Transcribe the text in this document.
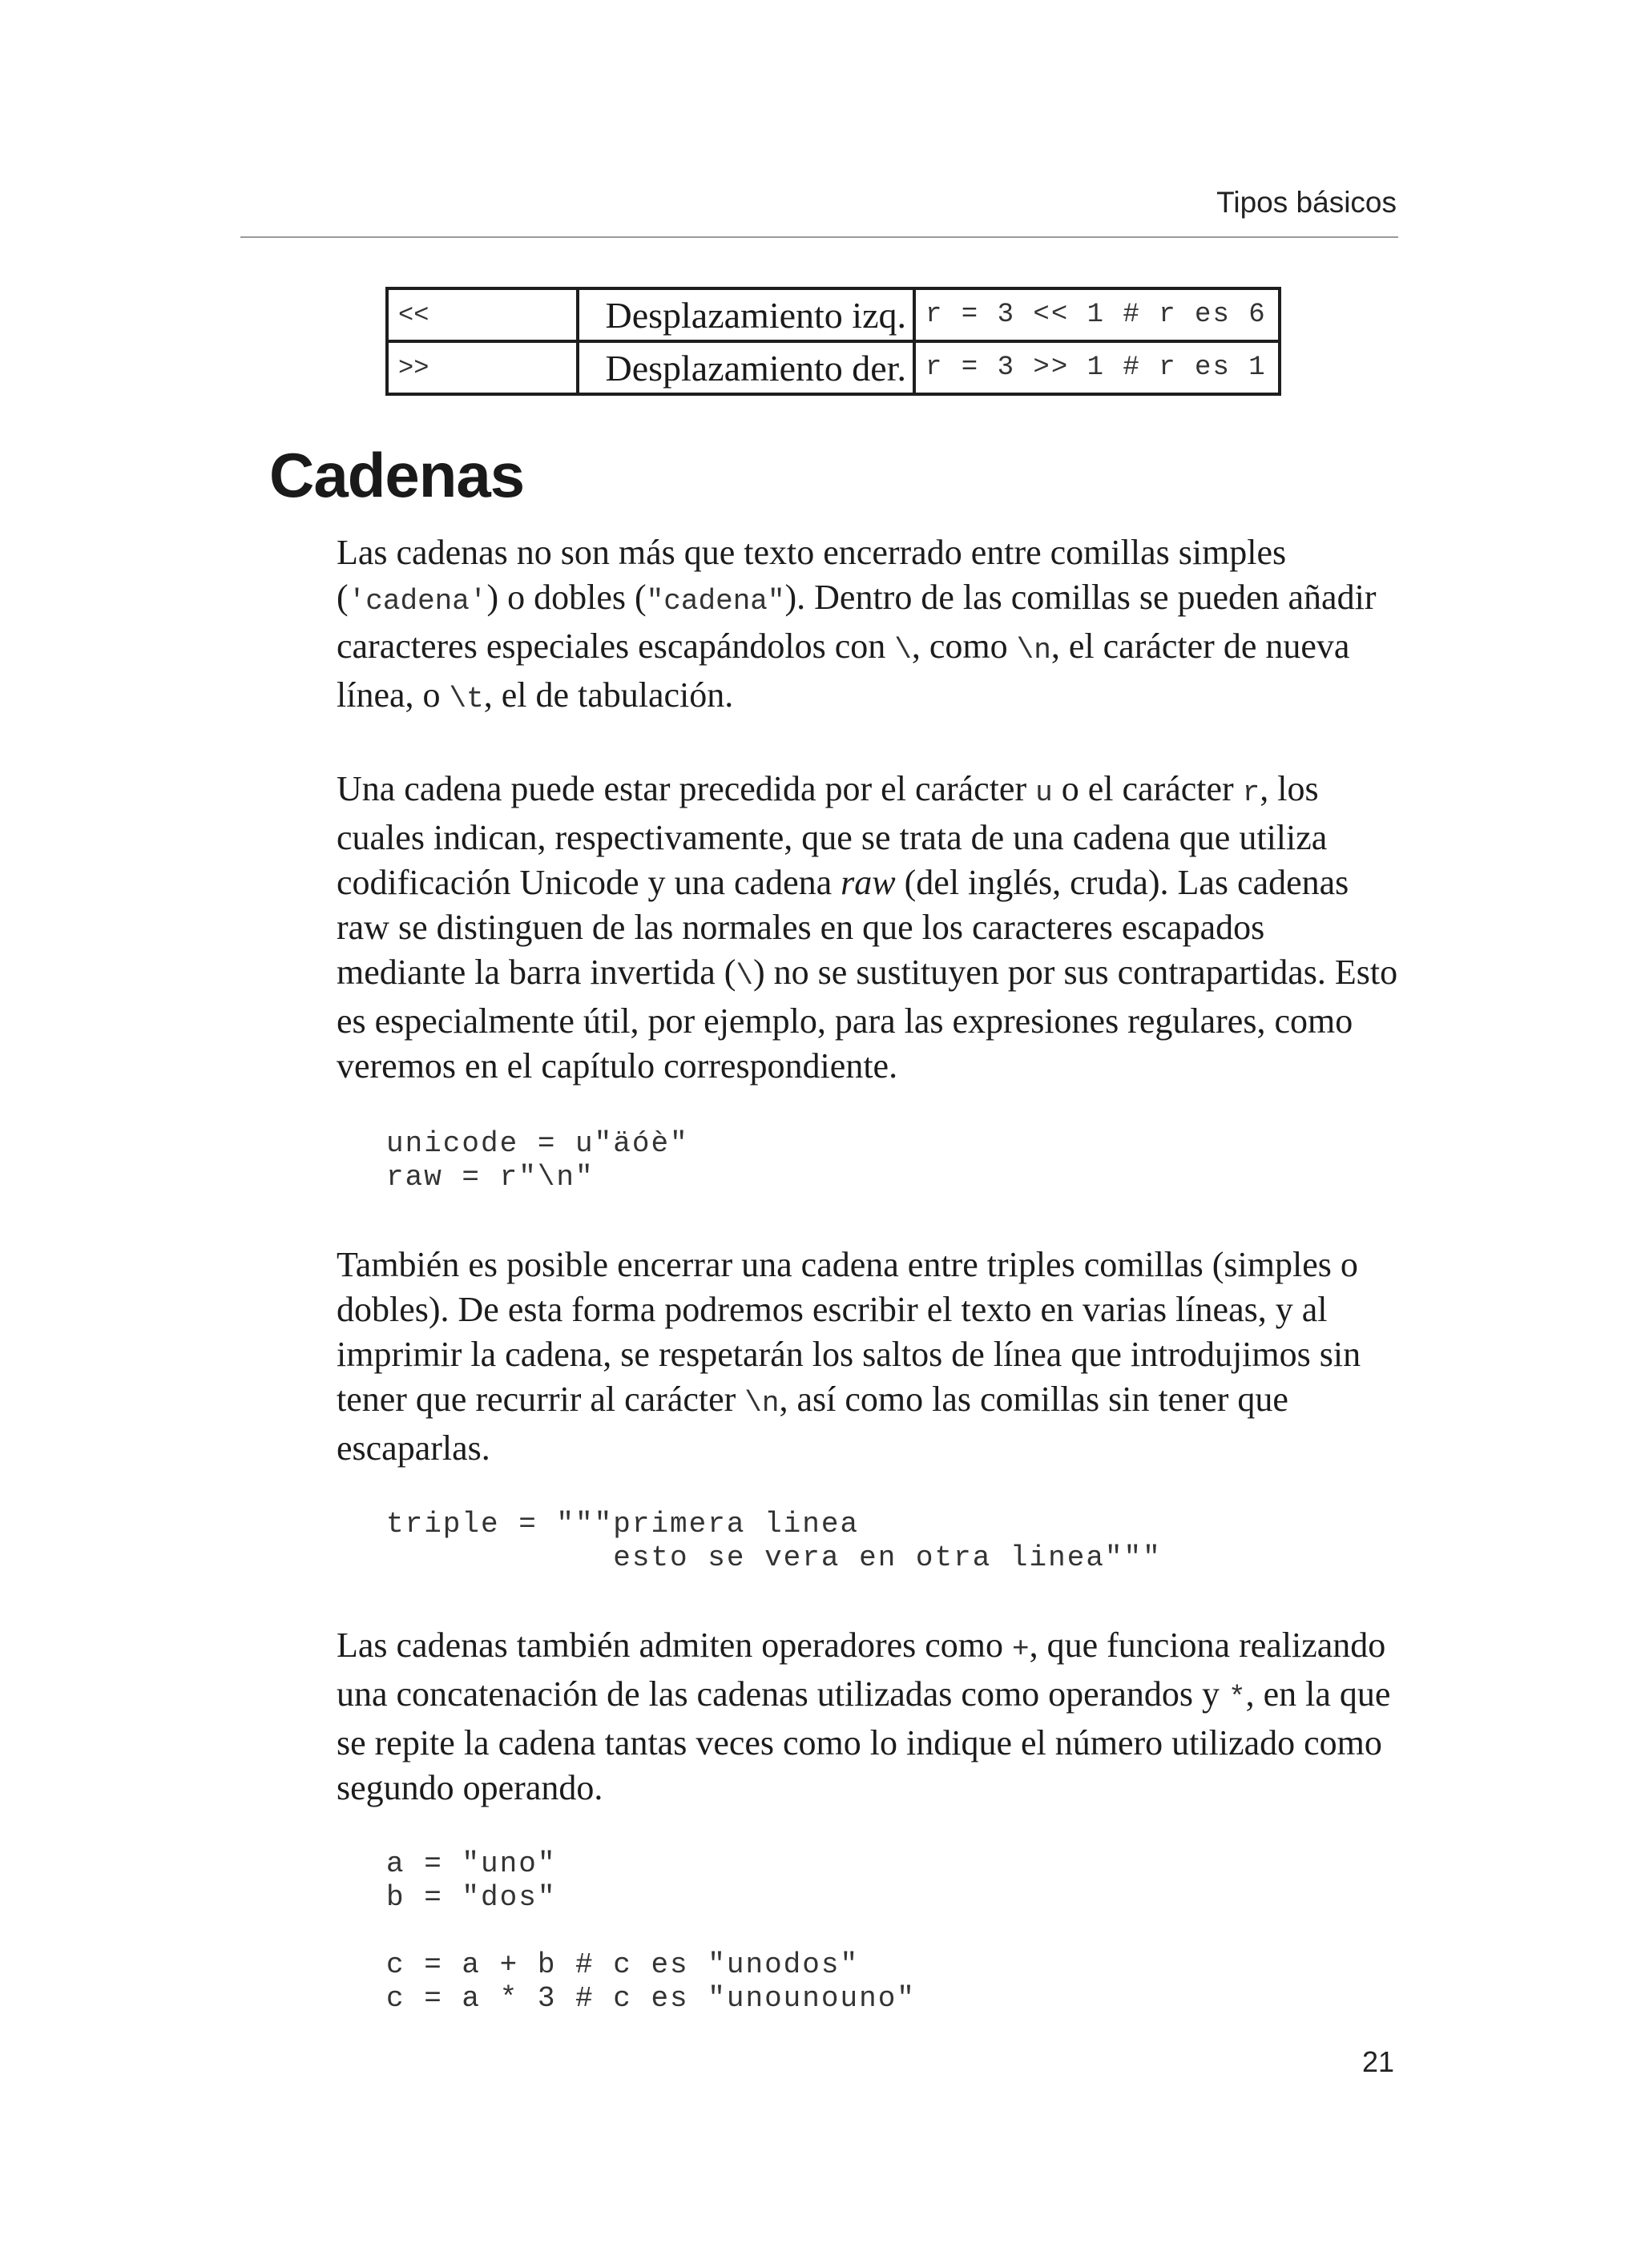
Tipos básicos
<<	Desplazamiento izq.	r = 3 << 1 # r es 6
>>	Desplazamiento der.	r = 3 >> 1 # r es 1
Cadenas

Las cadenas no son más que texto encerrado entre comillas simples ('cadena') o dobles ("cadena"). Dentro de las comillas se pueden añadir caracteres especiales escapándolos con \, como \n, el carácter de nueva línea, o \t, el de tabulación.

Una cadena puede estar precedida por el carácter u o el carácter r, los cuales indican, respectivamente, que se trata de una cadena que utiliza codificación Unicode y una cadena raw (del inglés, cruda). Las cadenas raw se distinguen de las normales en que los caracteres escapados mediante la barra invertida (\) no se sustituyen por sus contrapartidas. Esto es especialmente útil, por ejemplo, para las expresiones regulares, como veremos en el capítulo correspondiente.

unicode = u"äóè"
raw = r"\n"

También es posible encerrar una cadena entre triples comillas (simples o dobles). De esta forma podremos escribir el texto en varias líneas, y al imprimir la cadena, se respetarán los saltos de línea que introdujimos sin tener que recurrir al carácter \n, así como las comillas sin tener que escaparlas.

triple = """primera linea
esto se vera en otra linea"""

Las cadenas también admiten operadores como +, que funciona realizando una concatenación de las cadenas utilizadas como operandos y *, en la que se repite la cadena tantas veces como lo indique el número utilizado como segundo operando.

a = "uno"
b = "dos"

c = a + b # c es "unodos"
c = a * 3 # c es "unounouno"
21
